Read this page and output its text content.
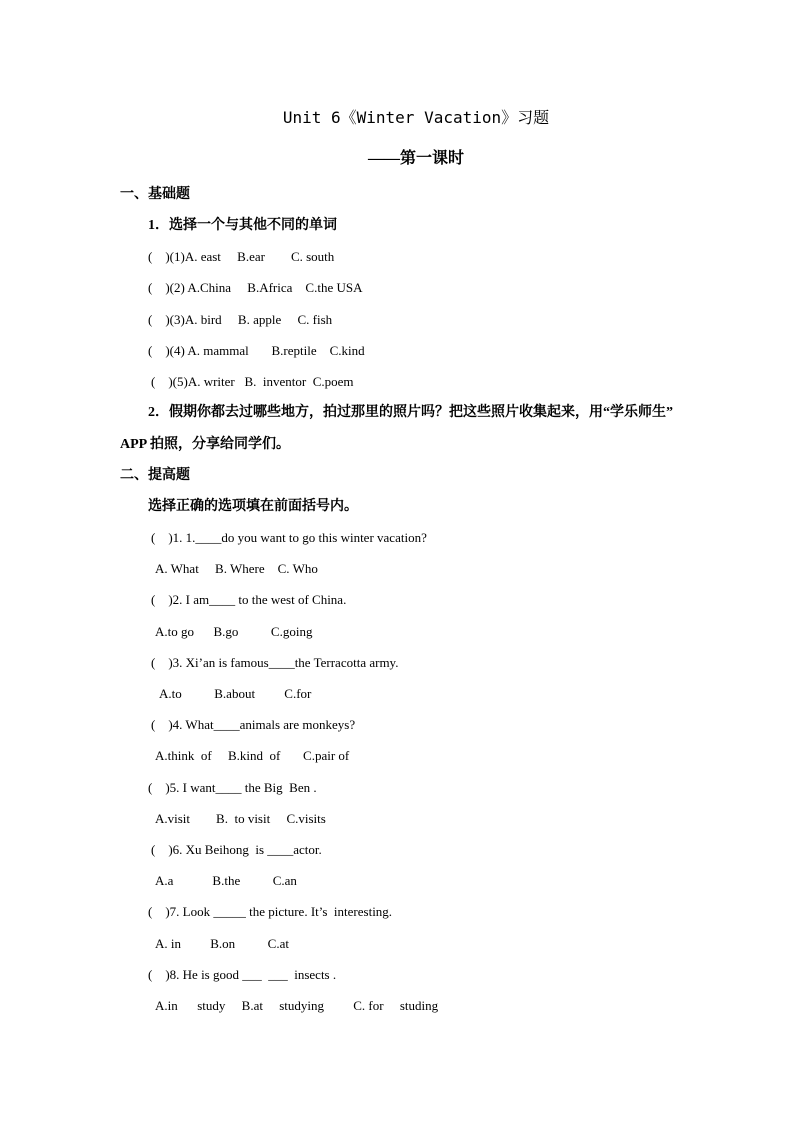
Unit 6《Winter Vacation》习题
——第一课时
一、基础题
1．选择一个与其他不同的单词
(    )(1)A. east     B.ear        C. south
(    )(2) A.China     B.Africa    C.the USA
(    )(3)A. bird     B. apple     C. fish
(    )(4) A. mammal       B.reptile    C.kind
(    )(5)A. writer   B.  inventor  C.poem
2．假期你都去过哪些地方，拍过那里的照片吗？把这些照片收集起来，用“学乐师生”
APP 拍照，分享给同学们。
二、提高题
选择正确的选项填在前面括号内。
(    )1. 1.____do you want to go this winter vacation?
A. What     B. Where    C. Who
(    )2. I am____ to the west of China.
A.to go      B.go          C.going
(    )3. Xi’an is famous____the Terracotta army.
A.to          B.about         C.for
(    )4. What____animals are monkeys?
A.think  of     B.kind  of       C.pair of
(    )5. I want____ the Big  Ben .
A.visit        B.  to visit     C.visits
(    )6. Xu Beihong  is ____actor.
A.a            B.the          C.an
(    )7. Look _____ the picture. It’s  interesting.
A. in         B.on          C.at
(    )8. He is good ___  ___  insects .
A.in      study     B.at     studying         C. for     studing
